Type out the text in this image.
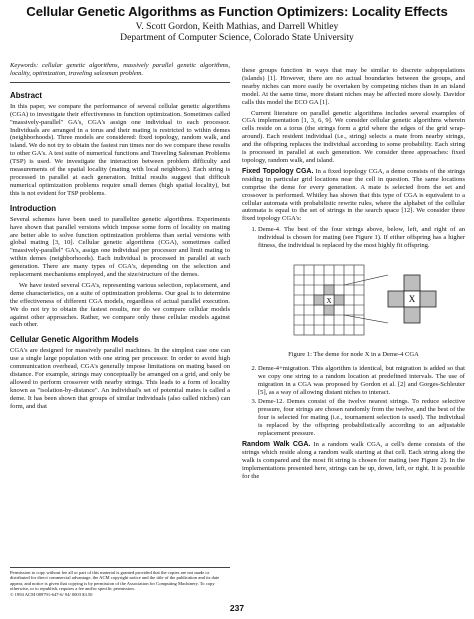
Cellular Genetic Algorithms as Function Optimizers: Locality Effects
V. Scott Gordon, Keith Mathias, and Darrell Whitley
Department of Computer Science, Colorado State University

Keywords: cellular genetic algorithms, massively parallel genetic algorithms, locality, optimization, traveling salesman problem.

Abstract

In this paper, we compare the performance of several cellular genetic algorithms (CGA) to investigate their effectiveness in function optimization. Sometimes called "massively-parallel" GA's, CGA's assign one individual to each processor. Individuals are arranged in a torus and their mating is restricted to within demes (neighborhoods). Three models are considered: fixed topology, random walk, and island. We do not try to obtain the fastest run times nor do we compare these results to other GA's. A test suite of numerical functions and Traveling Salesman Problems (TSP) is used. We investigate the interaction between problem difficulty and measurements of the spatial locality (mating with local neighbors). Each string is processed in parallel at each generation. Initial results suggest that difficult numerical optimization problems require small demes (high spatial locality), but this is not evident for TSP problems.

Introduction

Several schemes have been used to parallelize genetic algorithms. Experiments have shown that parallel versions which impose some form of locality on mating are better able to solve function optimization problems than serial versions with global mating [3, 10]. Cellular genetic algorithms (CGA), sometimes called "massively-parallel" GA's, assign one individual per processor and limit mating to within demes (neighborhoods). Each individual is processed in parallel at each generation. There are many types of CGA's, depending on the selection and replacement mechanisms employed, and the size/structure of the demes.

We have tested several CGA's, representing various selection, replacement, and deme characteristics, on a suite of optimization problems. Our goal is to determine the effectiveness of different CGA models, regardless of actual parallel execution. We do not try to obtain the fastest results, nor do we compare cellular models against other approaches. Rather, we compare only these cellular models against each other.

Cellular Genetic Algorithm Models

CGA's are designed for massively parallel machines. In the simplest case one can use a single large population with one string per processor. In order to avoid high communication overhead, CGA's generally impose limitations on mating based on distance. For example, strings may conceptually be arranged on a grid, and only be allowed to perform crossover with nearby strings. This leads to a form of locality known as "isolation-by-distance". An individual's set of potential mates is called a deme. It has been shown that groups of similar individuals (also called niches) can form, and that

Permission to copy without fee all or part of this material is granted provided that the copies are not made or distributed for direct commercial advantage, the ACM copyright notice and the title of the publication and its date appear, and notice is given that copying is by permission of the Association for Computing Machinery. To copy otherwise, or to republish, requires a fee and/or specific permission.
© 1994 ACM 089791-647-6/ 94/ 0003 $3.50

these groups function in ways that may be similar to discrete subpopulations (islands) [1]. However, there are no actual boundaries between the groups, and nearby niches can more easily be overtaken by competing niches than in an island model. At the same time, more distant niches may be affected more slowly. Davidor calls this model the ECO GA [1].

Current literature on parallel genetic algorithms includes several examples of CGA implementation [1, 3, 6, 9]. We consider cellular genetic algorithms wherein cells reside on a torus (the strings form a grid where the edges of the grid wrap-around). Each resident individual (i.e., string) selects a mate from nearby strings, and the offspring replaces the individual according to some probability. Each string is processed in parallel at each generation. We consider three approaches: fixed topology, random walk, and island.

Fixed Topology CGA. In a fixed topology CGA, a deme consists of the strings residing in particular grid locations near the cell in question. The same locations comprise the deme for every generation. A mate is selected from the set and crossover is performed. Whitley has shown that this type of CGA is equivalent to a cellular automata with probabilistic rewrite rules, where the alphabet of the cellular automata is equal to the set of strings in the search space [12]. We consider three fixed topology CGA's:

1. Deme-4. The best of the four strings above, below, left, and right of an individual is chosen for mating (see Figure 1). If either offspring has a higher fitness, the individual is replaced by the most highly fit offspring.
X	X
Figure 1: The deme for node X in a Deme-4 CGA
2. Deme-4+migration. This algorithm is identical, but migration is added so that we copy one string to a random location at predefined intervals. The use of migration in a CGA was proposed by Gordon et al. [2] and Gorges-Schleuter [5], as a way of allowing distant niches to interact.
3. Deme-12. Demes consist of the twelve nearest strings. To reduce selective pressure, four strings are chosen randomly from the twelve, and the best of the four is selected for mating (i.e., tournament selection is used). The individual is replaced by the offspring probabilistically according to an adjustable replacement pressure.

Random Walk CGA. In a random walk CGA, a cell's deme consists of the strings which reside along a random walk starting at that cell. Each string along the walk is compared and the most fit string is chosen for mating (see Figure 2). In the implementations presented here, strings can be up, down, left, or right. It is possible for the

237
